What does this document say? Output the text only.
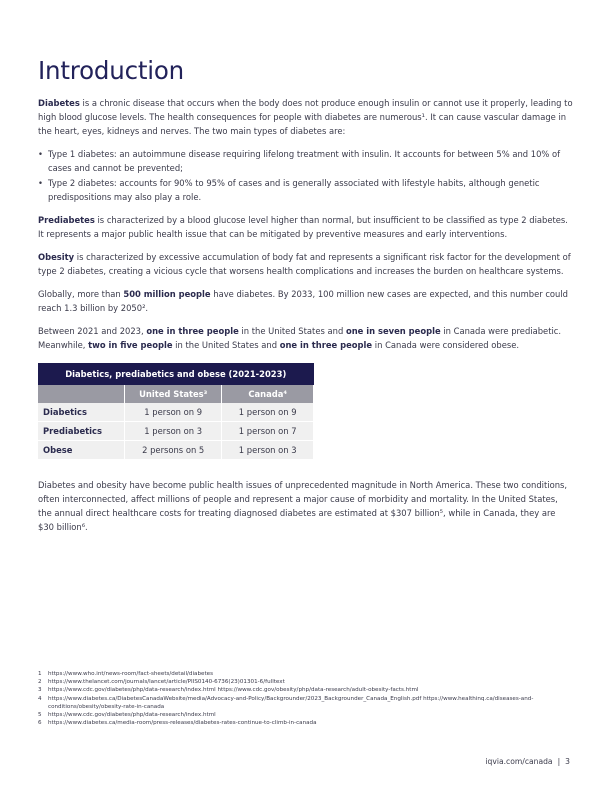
Introduction

Diabetes is a chronic disease that occurs when the body does not produce enough insulin or cannot use it properly, leading to high blood glucose levels. The health consequences for people with diabetes are numerous¹. It can cause vascular damage in the heart, eyes, kidneys and nerves. The two main types of diabetes are:

• Type 1 diabetes: an autoimmune disease requiring lifelong treatment with insulin. It accounts for between 5% and 10% of cases and cannot be prevented;
• Type 2 diabetes: accounts for 90% to 95% of cases and is generally associated with lifestyle habits, although genetic predispositions may also play a role.

Prediabetes is characterized by a blood glucose level higher than normal, but insufficient to be classified as type 2 diabetes. It represents a major public health issue that can be mitigated by preventive measures and early interventions.

Obesity is characterized by excessive accumulation of body fat and represents a significant risk factor for the development of type 2 diabetes, creating a vicious cycle that worsens health complications and increases the burden on healthcare systems.

Globally, more than 500 million people have diabetes. By 2033, 100 million new cases are expected, and this number could reach 1.3 billion by 2050².

Between 2021 and 2023, one in three people in the United States and one in seven people in Canada were prediabetic. Meanwhile, two in five people in the United States and one in three people in Canada were considered obese.

Diabetics, prediabetics and obese (2021-2023)		
	United States³	Canada⁴
Diabetics	1 person on 9	1 person on 9
Prediabetics	1 person on 3	1 person on 7
Obese	2 persons on 5	1 person on 3

Diabetes and obesity have become public health issues of unprecedented magnitude in North America. These two conditions, often interconnected, affect millions of people and represent a major cause of morbidity and mortality. In the United States, the annual direct healthcare costs for treating diagnosed diabetes are estimated at $307 billion⁵, while in Canada, they are $30 billion⁶.

1	https://www.who.int/news-room/fact-sheets/detail/diabetes
2	https://www.thelancet.com/journals/lancet/article/PIIS0140-6736(23)01301-6/fulltext
3	https://www.cdc.gov/diabetes/php/data-research/index.html https://www.cdc.gov/obesity/php/data-research/adult-obesity-facts.html
4	https://www.diabetes.ca/DiabetesCanadaWebsite/media/Advocacy-and-Policy/Backgrounder/2023_Backgrounder_Canada_English.pdf https://www.healthinq.ca/diseases-and-conditions/obesity/obesity-rate-in-canada
5	https://www.cdc.gov/diabetes/php/data-research/index.html
6	https://www.diabetes.ca/media-room/press-releases/diabetes-rates-continue-to-climb-in-canada
iqvia.com/canada | 3
